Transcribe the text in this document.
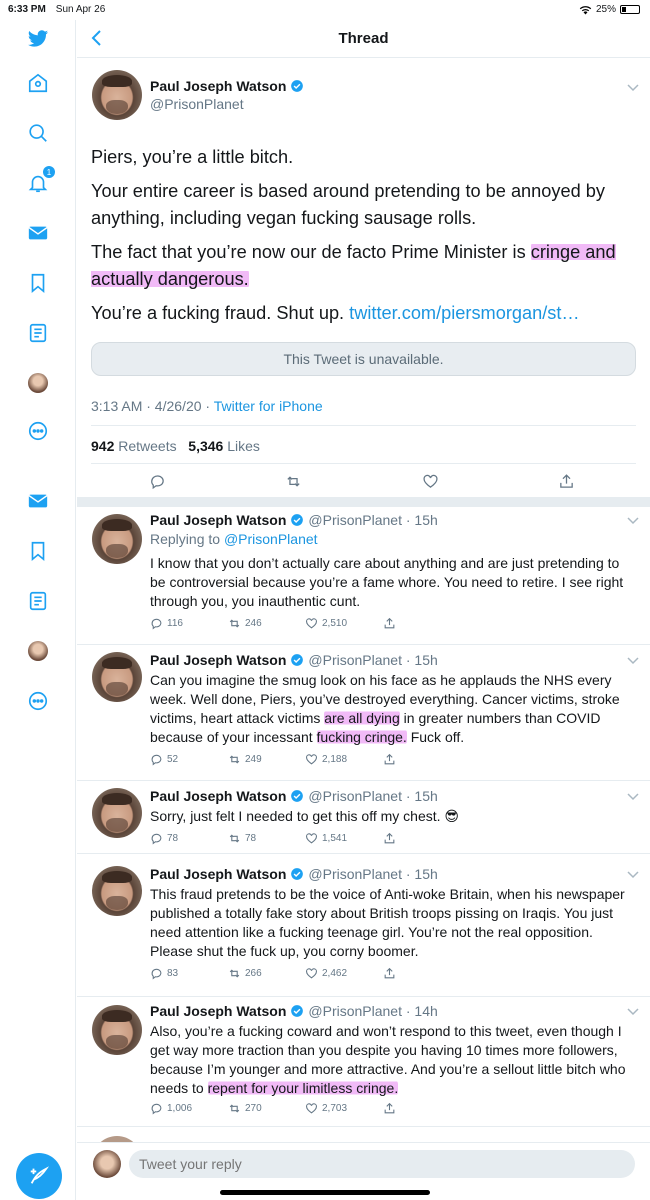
6:33 PM Sun Apr 26	25%
1
Thread
Paul Joseph Watson
@PrisonPlanet

Piers, you’re a little bitch.

Your entire career is based around pretending to be annoyed by anything, including vegan fucking sausage rolls.

The fact that you’re now our de facto Prime Minister is cringe and actually dangerous.

You’re a fucking fraud. Shut up. twitter.com/piersmorgan/st…

This Tweet is unavailable.
3:13 AM · 4/26/20 · Twitter for iPhone
942 Retweets 5,346 Likes
Paul Joseph Watson @PrisonPlanet · 15h
Replying to @PrisonPlanet
I know that you don’t actually care about anything and are just pretending to be controversial because you’re a fame whore. You need to retire. I see right through you, you inauthentic cunt.
116	246	2,510
Paul Joseph Watson @PrisonPlanet · 15h
Can you imagine the smug look on his face as he applauds the NHS every week. Well done, Piers, you’ve destroyed everything. Cancer victims, stroke victims, heart attack victims are all dying in greater numbers than COVID because of your incessant fucking cringe. Fuck off.
52	249	2,188
Paul Joseph Watson @PrisonPlanet · 15h
Sorry, just felt I needed to get this off my chest. 😎
78	78	1,541
Paul Joseph Watson @PrisonPlanet · 15h
This fraud pretends to be the voice of Anti-woke Britain, when his newspaper published a totally fake story about British troops pissing on Iraqis. You just need attention like a fucking teenage girl. You’re not the real opposition. Please shut the fuck up, you corny boomer.
83	266	2,462
Paul Joseph Watson @PrisonPlanet · 14h
Also, you’re a fucking coward and won’t respond to this tweet, even though I get way more traction than you despite you having 10 times more followers, because I’m younger and more attractive. And you’re a sellout little bitch who needs to repent for your limitless cringe.
1,006	270	2,703
Tweet your reply
